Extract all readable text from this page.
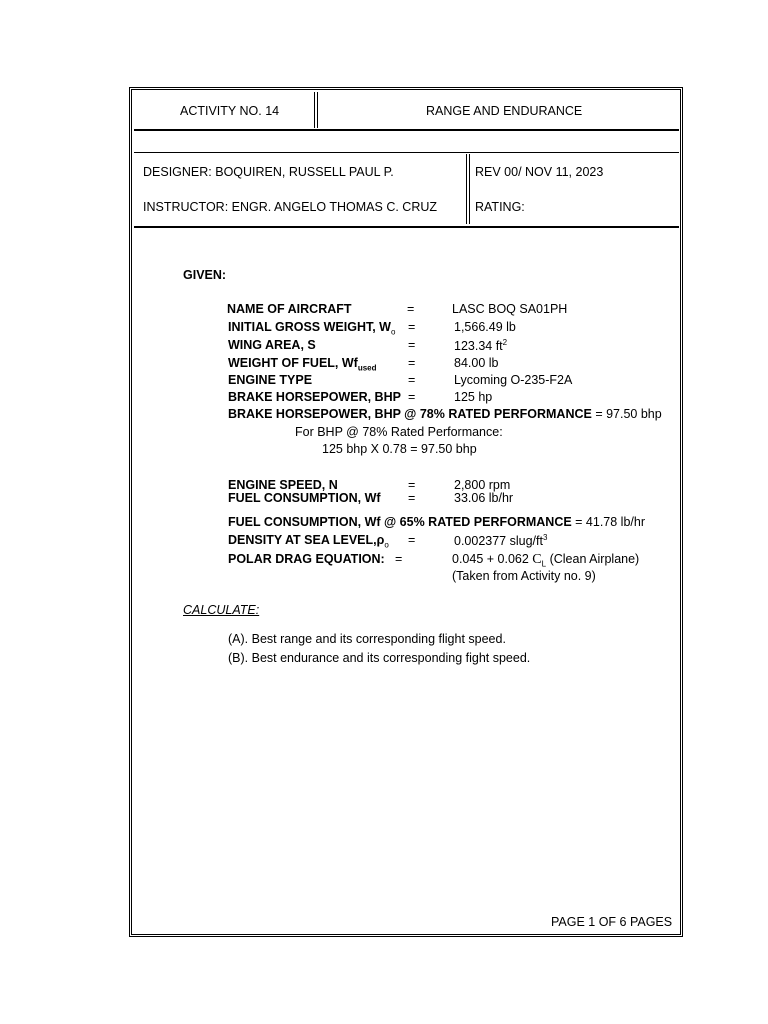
ACTIVITY NO. 14	RANGE AND ENDURANCE
DESIGNER: BOQUIREN, RUSSELL PAUL P.	REV 00/ NOV 11, 2023
INSTRUCTOR: ENGR. ANGELO THOMAS C. CRUZ	RATING:
GIVEN:
NAME OF AIRCRAFT	=	LASC BOQ SA01PH
INITIAL GROSS WEIGHT, $W_o$ =	1,566.49 lb
WING AREA, S	=	123.34 $ft^2$
WEIGHT OF FUEL, $Wf_{used}$	=	84.00 lb
ENGINE TYPE	=	Lycoming O-235-F2A
BRAKE HORSEPOWER, BHP =	125 hp
BRAKE HORSEPOWER, BHP @ 78% RATED PERFORMANCE = 97.50 bhp
For BHP @ 78% Rated Performance:
125 bhp X 0.78 = 97.50 bhp
ENGINE SPEED, N	=	2,800 rpm
FUEL CONSUMPTION, Wf =	33.06 lb/hr
FUEL CONSUMPTION, Wf @ 65% RATED PERFORMANCE = 41.78 lb/hr
DENSITY AT SEA $LEVEL,\rho_o$ =	0.002377 slug/$ft^3$
POLAR DRAG EQUATION: =	0.045 + 0.062 $C_L$ (Clean Airplane)
(Taken from Activity no. 9)
CALCULATE:
(A). Best range and its corresponding flight speed.
(B). Best endurance and its corresponding fight speed.
PAGE 1 OF 6 PAGES
